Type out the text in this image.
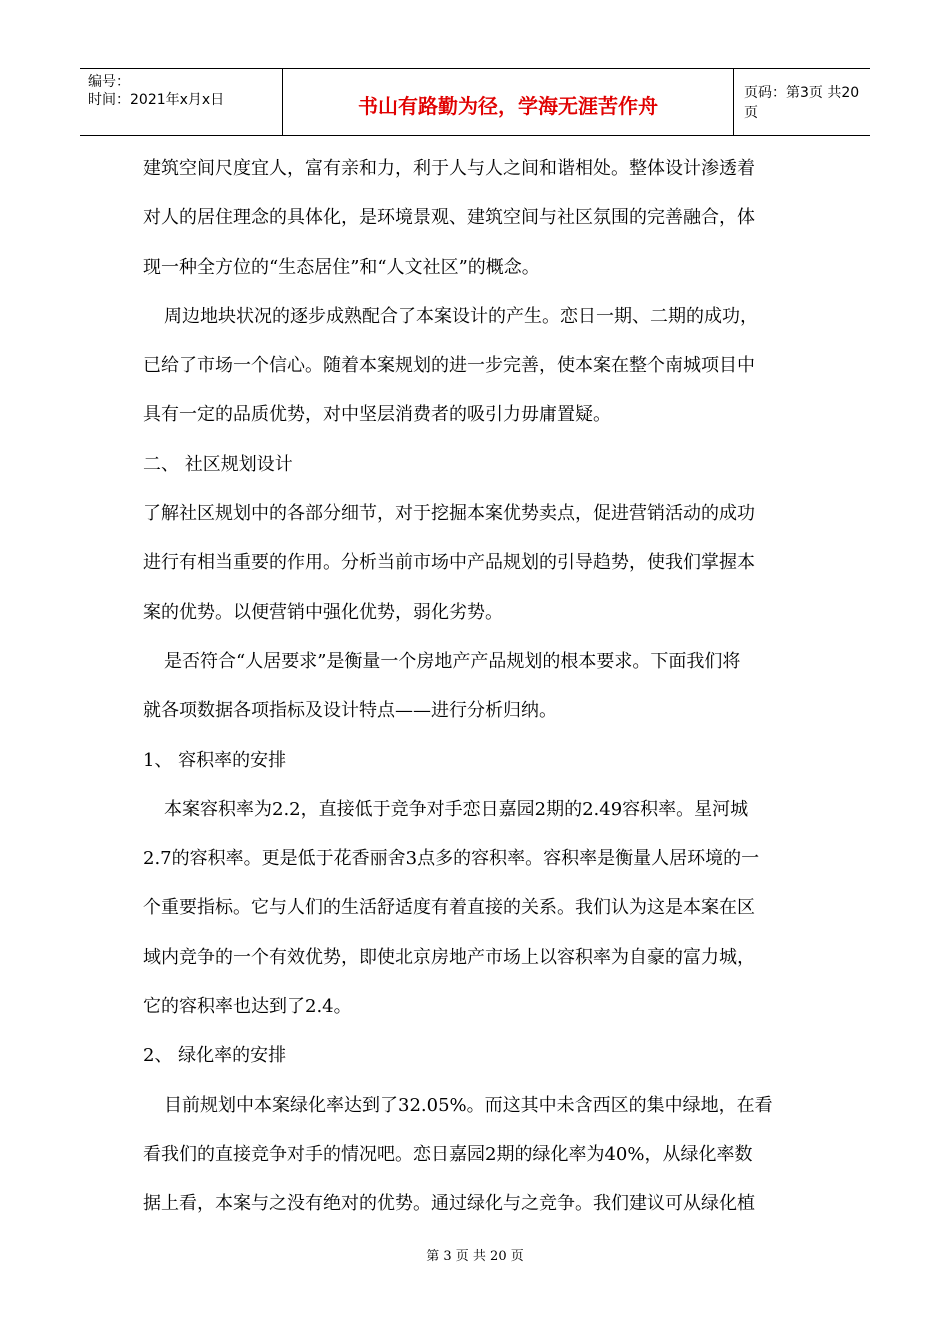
编号：
时间：2021年x月x日	书山有路勤为径，学海无涯苦作舟
页码：第3页 共20页
建筑空间尺度宜人，富有亲和力，利于人与人之间和谐相处。整体设计渗透着
对人的居住理念的具体化，是环境景观、建筑空间与社区氛围的完善融合，体
现一种全方位的“生态居住”和“人文社区”的概念。
周边地块状况的逐步成熟配合了本案设计的产生。恋日一期、二期的成功，
已给了市场一个信心。随着本案规划的进一步完善，使本案在整个南城项目中
具有一定的品质优势，对中坚层消费者的吸引力毋庸置疑。
二、 社区规划设计
了解社区规划中的各部分细节，对于挖掘本案优势卖点，促进营销活动的成功
进行有相当重要的作用。分析当前市场中产品规划的引导趋势，使我们掌握本
案的优势。以便营销中强化优势，弱化劣势。
是否符合“人居要求”是衡量一个房地产产品规划的根本要求。下面我们将
就各项数据各项指标及设计特点——进行分析归纳。
1、 容积率的安排
本案容积率为2.2，直接低于竞争对手恋日嘉园2期的2.49容积率。星河城
2.7的容积率。更是低于花香丽舍3点多的容积率。容积率是衡量人居环境的一
个重要指标。它与人们的生活舒适度有着直接的关系。我们认为这是本案在区
域内竞争的一个有效优势，即使北京房地产市场上以容积率为自豪的富力城，
它的容积率也达到了2.4。
2、 绿化率的安排
目前规划中本案绿化率达到了32.05%。而这其中未含西区的集中绿地，在看
看我们的直接竞争对手的情况吧。恋日嘉园2期的绿化率为40%，从绿化率数
据上看，本案与之没有绝对的优势。通过绿化与之竞争。我们建议可从绿化植
第 3 页 共 20 页
